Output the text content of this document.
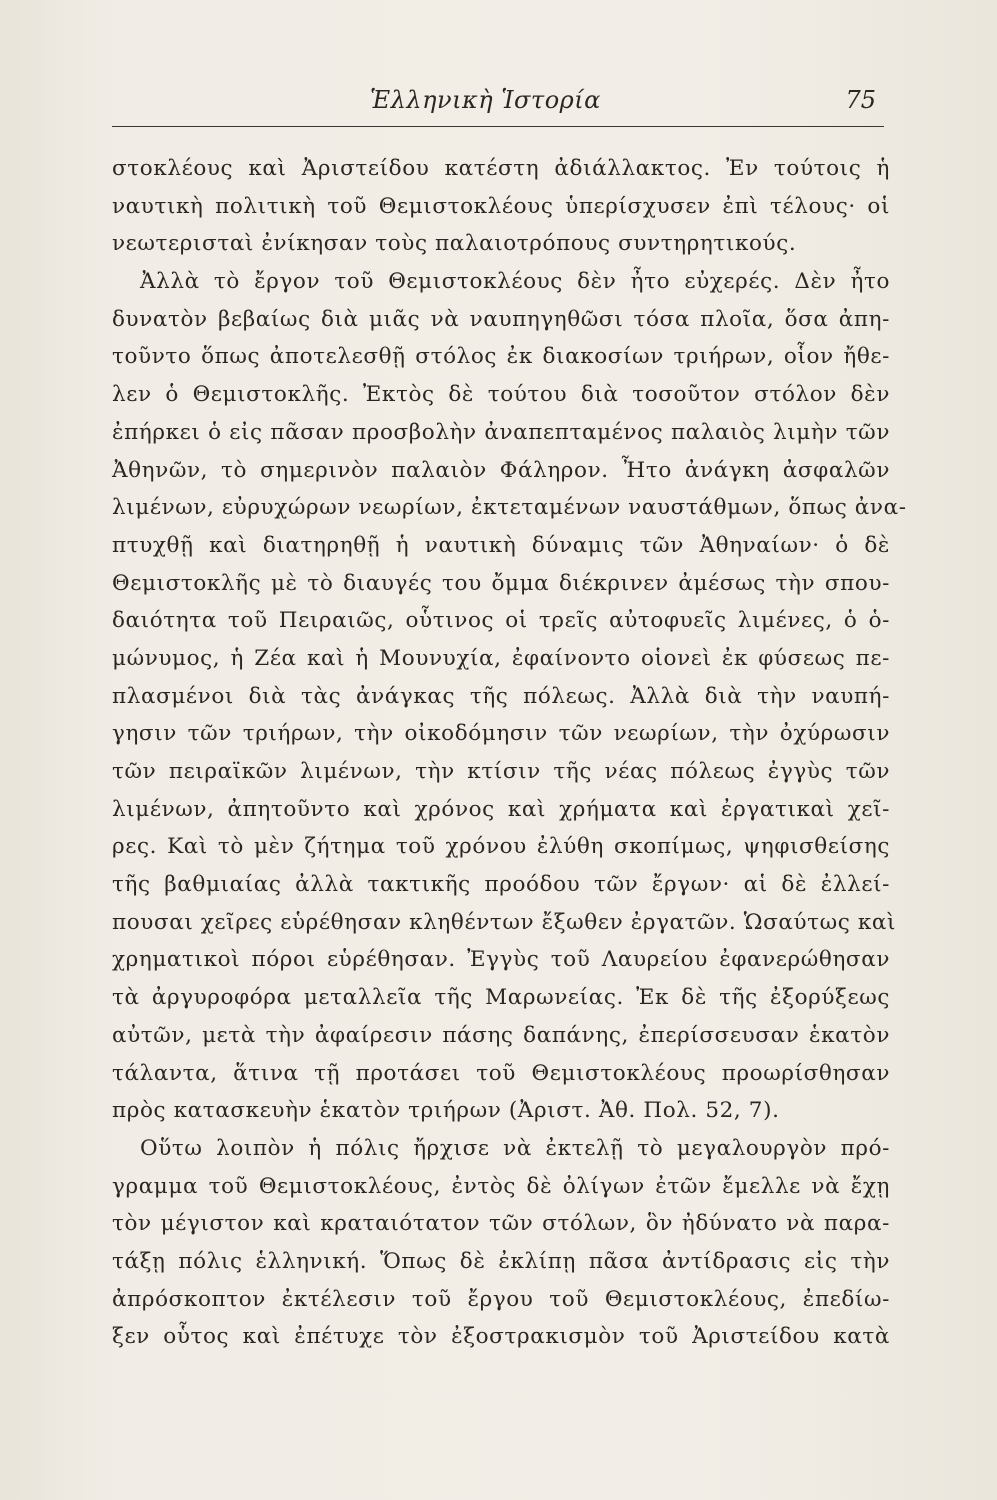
Ἑλληνικὴ Ἱστορία	75
στοκλέους καὶ Ἀριστείδου κατέστη ἀδιάλλακτος. Ἐν τούτοις ἡ
ναυτικὴ πολιτικὴ τοῦ Θεμιστοκλέους ὑπερίσχυσεν ἐπὶ τέλους· οἱ
νεωτερισταὶ ἐνίκησαν τοὺς παλαιοτρόπους συντηρητικούς.
Ἀλλὰ τὸ ἔργον τοῦ Θεμιστοκλέους δὲν ἦτο εὐχερές. Δὲν ἦτο
δυνατὸν βεβαίως διὰ μιᾶς νὰ ναυπηγηθῶσι τόσα πλοῖα, ὅσα ἀπη-
τοῦντο ὅπως ἀποτελεσθῇ στόλος ἐκ διακοσίων τριήρων, οἷον ἤθε-
λεν ὁ Θεμιστοκλῆς. Ἐκτὸς δὲ τούτου διὰ τοσοῦτον στόλον δὲν
ἐπήρκει ὁ εἰς πᾶσαν προσβολὴν ἀναπεπταμένος παλαιὸς λιμὴν τῶν
Ἀθηνῶν, τὸ σημερινὸν παλαιὸν Φάληρον. Ἦτο ἀνάγκη ἀσφαλῶν
λιμένων, εὐρυχώρων νεωρίων, ἐκτεταμένων ναυστάθμων, ὅπως ἀνα-
πτυχθῇ καὶ διατηρηθῇ ἡ ναυτικὴ δύναμις τῶν Ἀθηναίων· ὁ δὲ
Θεμιστοκλῆς μὲ τὸ διαυγές του ὄμμα διέκρινεν ἀμέσως τὴν σπου-
δαιότητα τοῦ Πειραιῶς, οὗτινος οἱ τρεῖς αὐτοφυεῖς λιμένες, ὁ ὁ-
μώνυμος, ἡ Ζέα καὶ ἡ Μουνυχία, ἐφαίνοντο οἱονεὶ ἐκ φύσεως πε-
πλασμένοι διὰ τὰς ἀνάγκας τῆς πόλεως. Ἀλλὰ διὰ τὴν ναυπή-
γησιν τῶν τριήρων, τὴν οἰκοδόμησιν τῶν νεωρίων, τὴν ὀχύρωσιν
τῶν πειραϊκῶν λιμένων, τὴν κτίσιν τῆς νέας πόλεως ἐγγὺς τῶν
λιμένων, ἀπητοῦντο καὶ χρόνος καὶ χρήματα καὶ ἐργατικαὶ χεῖ-
ρες. Καὶ τὸ μὲν ζήτημα τοῦ χρόνου ἐλύθη σκοπίμως, ψηφισθείσης
τῆς βαθμιαίας ἀλλὰ τακτικῆς προόδου τῶν ἔργων· αἱ δὲ ἐλλεί-
πουσαι χεῖρες εὑρέθησαν κληθέντων ἔξωθεν ἐργατῶν. Ὡσαύτως καὶ
χρηματικοὶ πόροι εὑρέθησαν. Ἐγγὺς τοῦ Λαυρείου ἐφανερώθησαν
τὰ ἀργυροφόρα μεταλλεῖα τῆς Μαρωνείας. Ἐκ δὲ τῆς ἐξορύξεως
αὐτῶν, μετὰ τὴν ἀφαίρεσιν πάσης δαπάνης, ἐπερίσσευσαν ἑκατὸν
τάλαντα, ἅτινα τῇ προτάσει τοῦ Θεμιστοκλέους προωρίσθησαν
πρὸς κατασκευὴν ἑκατὸν τριήρων (Ἀριστ. Ἀθ. Πολ. 52, 7).
Οὕτω λοιπὸν ἡ πόλις ἤρχισε νὰ ἐκτελῇ τὸ μεγαλουργὸν πρό-
γραμμα τοῦ Θεμιστοκλέους, ἐντὸς δὲ ὀλίγων ἐτῶν ἔμελλε νὰ ἔχῃ
τὸν μέγιστον καὶ κραταιότατον τῶν στόλων, ὃν ἠδύνατο νὰ παρα-
τάξῃ πόλις ἑλληνική. Ὅπως δὲ ἐκλίπῃ πᾶσα ἀντίδρασις εἰς τὴν
ἀπρόσκοπτον ἐκτέλεσιν τοῦ ἔργου τοῦ Θεμιστοκλέους, ἐπεδίω-
ξεν οὗτος καὶ ἐπέτυχε τὸν ἐξοστρακισμὸν τοῦ Ἀριστείδου κατὰ
